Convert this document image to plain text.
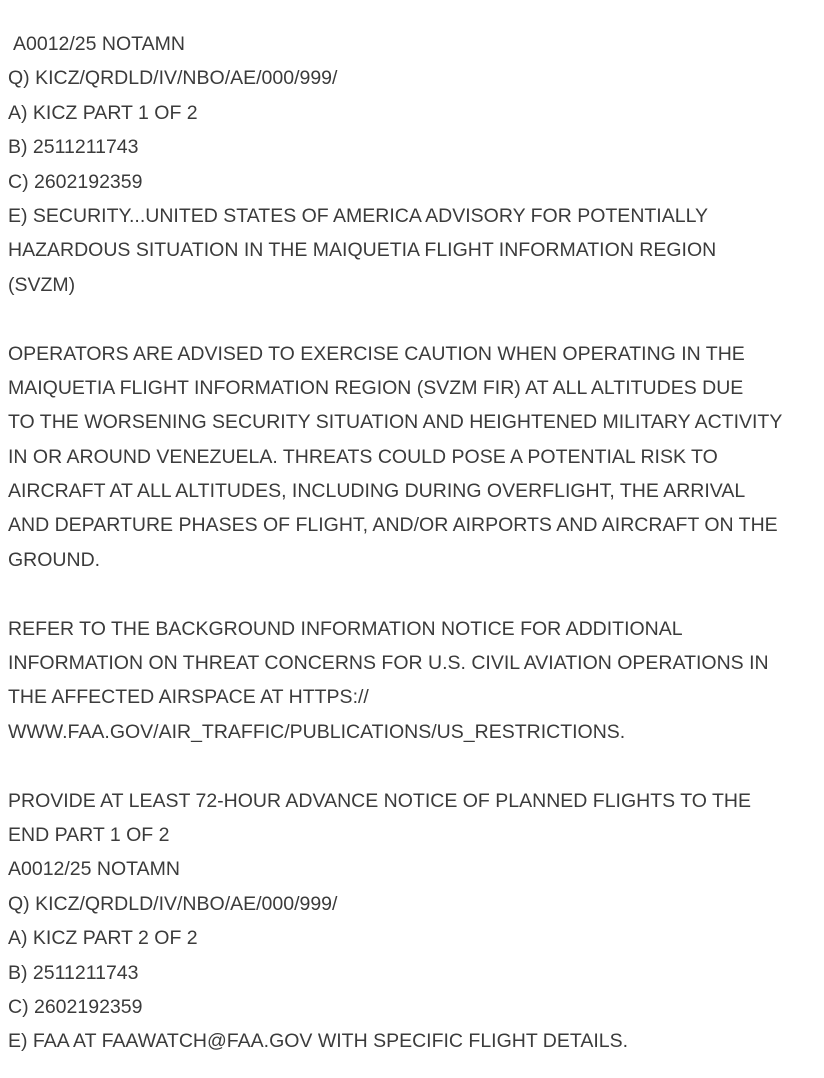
A0012/25 NOTAMN
Q) KICZ/QRDLD/IV/NBO/AE/000/999/
A) KICZ PART 1 OF 2
B) 2511211743
C) 2602192359
E) SECURITY...UNITED STATES OF AMERICA ADVISORY FOR POTENTIALLY
HAZARDOUS SITUATION IN THE MAIQUETIA FLIGHT INFORMATION REGION
(SVZM)
OPERATORS ARE ADVISED TO EXERCISE CAUTION WHEN OPERATING IN THE
MAIQUETIA FLIGHT INFORMATION REGION (SVZM FIR) AT ALL ALTITUDES DUE
TO THE WORSENING SECURITY SITUATION AND HEIGHTENED MILITARY ACTIVITY
IN OR AROUND VENEZUELA. THREATS COULD POSE A POTENTIAL RISK TO
AIRCRAFT AT ALL ALTITUDES, INCLUDING DURING OVERFLIGHT, THE ARRIVAL
AND DEPARTURE PHASES OF FLIGHT, AND/OR AIRPORTS AND AIRCRAFT ON THE
GROUND.
REFER TO THE BACKGROUND INFORMATION NOTICE FOR ADDITIONAL
INFORMATION ON THREAT CONCERNS FOR U.S. CIVIL AVIATION OPERATIONS IN
THE AFFECTED AIRSPACE AT HTTPS://
WWW.FAA.GOV/AIR_TRAFFIC/PUBLICATIONS/US_RESTRICTIONS.
PROVIDE AT LEAST 72-HOUR ADVANCE NOTICE OF PLANNED FLIGHTS TO THE
END PART 1 OF 2
A0012/25 NOTAMN
Q) KICZ/QRDLD/IV/NBO/AE/000/999/
A) KICZ PART 2 OF 2
B) 2511211743
C) 2602192359
E) FAA AT FAAWATCH@FAA.GOV WITH SPECIFIC FLIGHT DETAILS.
